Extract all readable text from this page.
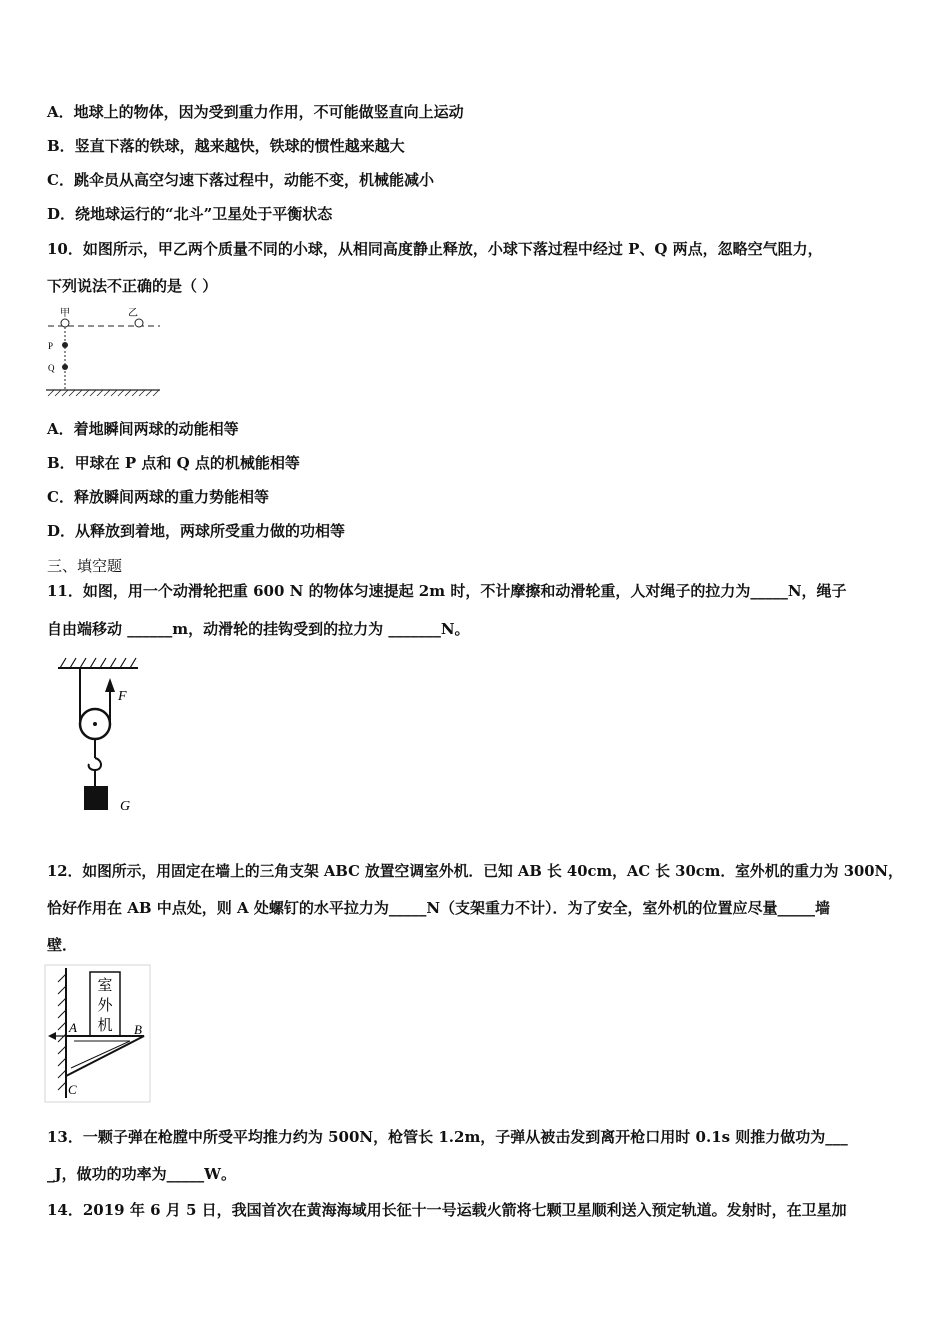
A．地球上的物体，因为受到重力作用，不可能做竖直向上运动
B．竖直下落的铁球，越来越快，铁球的惯性越来越大
C．跳伞员从高空匀速下落过程中，动能不变，机械能减小
D．绕地球运行的“北斗”卫星处于平衡状态
10．如图所示，甲乙两个质量不同的小球，从相同高度静止释放，小球下落过程中经过 P、Q 两点，忽略空气阻力，
下列说法不正确的是（ ）
甲	乙
P
Q
A．着地瞬间两球的动能相等
B．甲球在 P 点和 Q 点的机械能相等
C．释放瞬间两球的重力势能相等
D．从释放到着地，两球所受重力做的功相等
三、填空题
11．如图，用一个动滑轮把重 600 N 的物体匀速提起 2m 时，不计摩擦和动滑轮重，人对绳子的拉力为_____N，绳子
自由端移动 ______m，动滑轮的挂钩受到的拉力为 _______N。
F
G
12．如图所示，用固定在墙上的三角支架 ABC 放置空调室外机．已知 AB 长 40cm，AC 长 30cm．室外机的重力为 300N，
恰好作用在 AB 中点处，则 A 处螺钉的水平拉力为_____N（支架重力不计）．为了安全，室外机的位置应尽量_____墙
壁．
室
外
机
A	B
C
13．一颗子弹在枪膛中所受平均推力约为 500N，枪管长 1.2m，子弹从被击发到离开枪口用时 0.1s 则推力做功为___
_J，做功的功率为_____W。
14．2019 年 6 月 5 日，我国首次在黄海海域用长征十一号运载火箭将七颗卫星顺利送入预定轨道。发射时，在卫星加
